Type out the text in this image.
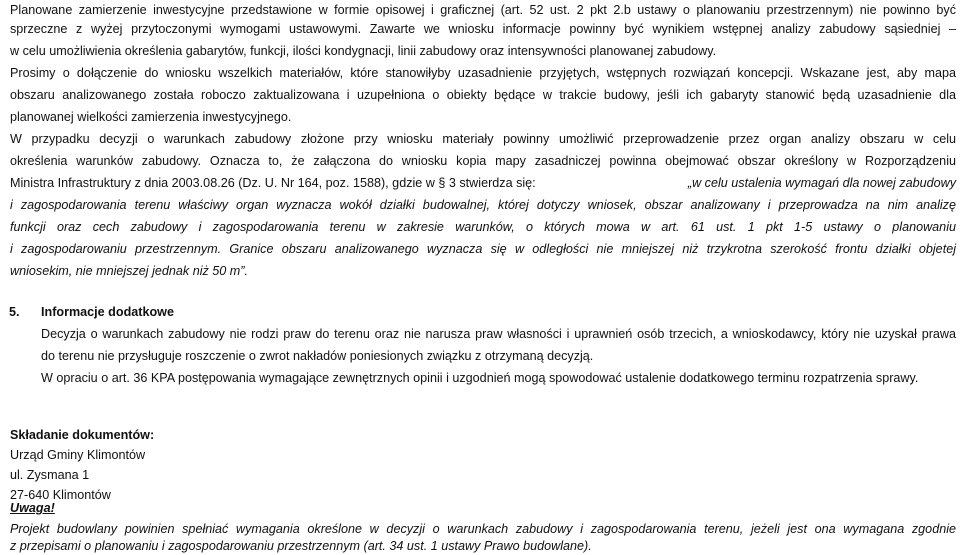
Planowane zamierzenie inwestycyjne przedstawione w formie opisowej i graficznej (art. 52 ust. 2 pkt 2.b ustawy o planowaniu przestrzennym) nie powinno być
sprzeczne z wyżej przytoczonymi wymogami ustawowymi. Zawarte we wniosku informacje powinny być wynikiem wstępnej analizy zabudowy sąsiedniej –
w celu umożliwienia określenia gabarytów, funkcji, ilości kondygnacji, linii zabudowy oraz intensywności planowanej zabudowy.
Prosimy o dołączenie do wniosku wszelkich materiałów, które stanowiłyby uzasadnienie przyjętych, wstępnych rozwiązań koncepcji. Wskazane jest, aby mapa
obszaru analizowanego została roboczo zaktualizowana i uzupełniona o obiekty będące w trakcie budowy, jeśli ich gabaryty stanowić będą uzasadnienie dla
planowanej wielkości zamierzenia inwestycyjnego.
W przypadku decyzji o warunkach zabudowy złożone przy wniosku materiały powinny umożliwić przeprowadzenie przez organ analizy obszaru w celu
określenia warunków zabudowy. Oznacza to, że załączona do wniosku kopia mapy zasadniczej powinna obejmować obszar określony w Rozporządzeniu
Ministra Infrastruktury z dnia 2003.08.26 (Dz. U. Nr 164, poz. 1588), gdzie w § 3 stwierdza się:	„w celu ustalenia wymagań dla nowej zabudowy
i zagospodarowania terenu właściwy organ wyznacza wokół działki budowalnej, której dotyczy wniosek, obszar analizowany i przeprowadza na nim analizę
funkcji oraz cech zabudowy i zagospodarowania terenu w zakresie warunków, o których mowa w art. 61 ust. 1 pkt 1-5 ustawy o planowaniu
i zagospodarowaniu przestrzennym. Granice obszaru analizowanego wyznacza się w odległości nie mniejszej niż trzykrotna szerokość frontu działki objetej
wniosekim, nie mniejszej jednak niż 50 m”.
5. Informacje dodatkowe
Decyzja o warunkach zabudowy nie rodzi praw do terenu oraz nie narusza praw własności i uprawnień osób trzecich, a wnioskodawcy, który nie uzyskał prawa
do terenu nie przysługuje roszczenie o zwrot nakładów poniesionych związku z otrzymaną decyzją.
W opraciu o art. 36 KPA postępowania wymagające zewnętrznych opinii i uzgodnień mogą spowodować ustalenie dodatkowego terminu rozpatrzenia sprawy.
Składanie dokumentów:
Urząd Gminy Klimontów
ul. Zysmana 1
27-640 Klimontów
Uwaga!
Projekt budowlany powinien spełniać wymagania określone w decyzji o warunkach zabudowy i zagospodarowania terenu, jeżeli jest ona wymagana zgodnie
z przepisami o planowaniu i zagospodarowaniu przestrzennym (art. 34 ust. 1 ustawy Prawo budowlane).
